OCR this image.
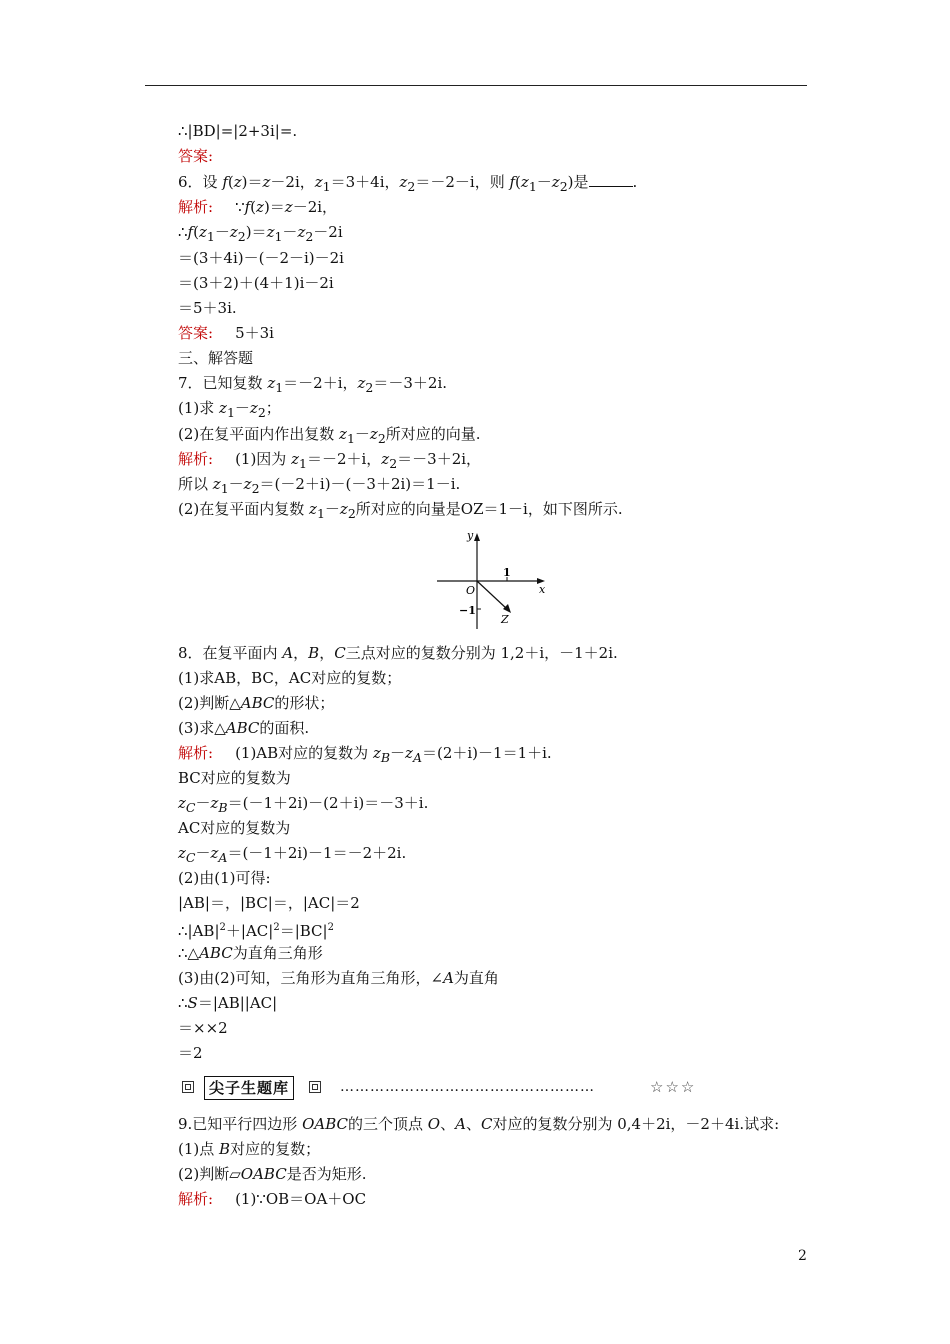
∴|BD|=|2+3i|=.
答案:
6．设 f(z)＝z－2i，$z_1=3+4i$，$z_2=-2-i$，则 $f(z_1-z_2)$是	.
解析: ∵f(z)＝z－2i，
$\therefore f(z_1-z_2)=z_1-z_2-2i$
＝(3＋4i)－(－2－i)－2i
＝(3＋2)＋(4＋1)i－2i
＝5＋3i.
答案: 5＋3i
三、解答题
7．已知复数 $z_1=-2+i$，$z_2=-3+2i$.
(1)求 $z_1-z_2$；
(2)在复平面内作出复数 $z_1-z_2$所对应的向量.
解析: (1)因为 $z_1=-2+i$，$z_2=-3+2i$，
所以 $z_1-z_2=(-2+i)-(-3+2i)=1-i$.
(2)在复平面内复数 $z_1-z_2$所对应的向量是OZ＝1－i，如下图所示.
y
x
O
1
−1
Z
8．在复平面内 A，B，C三点对应的复数分别为 1,2＋i，－1＋2i.
(1)求AB，BC，AC对应的复数；
(2)判断△ABC的形状；
(3)求△ABC的面积.
解析: (1)AB对应的复数为 $z_B-z_A=(2+i)-1=1+i$.
BC对应的复数为
$z_C-z_B=(-1+2i)-(2+i)=-3+i$.
AC对应的复数为
$z_C-z_A=(-1+2i)-1=-2+2i$.
(2)由(1)可得:
|AB|＝，|BC|＝，|AC|＝2
$\therefore|AB|^2+|AC|^2=|BC|^2$
∴△ABC为直角三角形
(3)由(2)可知，三角形为直角三角形，∠A为直角
∴S＝|AB||AC|
＝××2
＝2
尖子生题库	……………………………………………	☆☆☆
9.已知平行四边形 OABC的三个顶点 O、A、C对应的复数分别为 0,4＋2i，－2＋4i.试求:
(1)点 B对应的复数；
(2)判断▱OABC是否为矩形.
解析: (1)∵OB＝OA＋OC
2
